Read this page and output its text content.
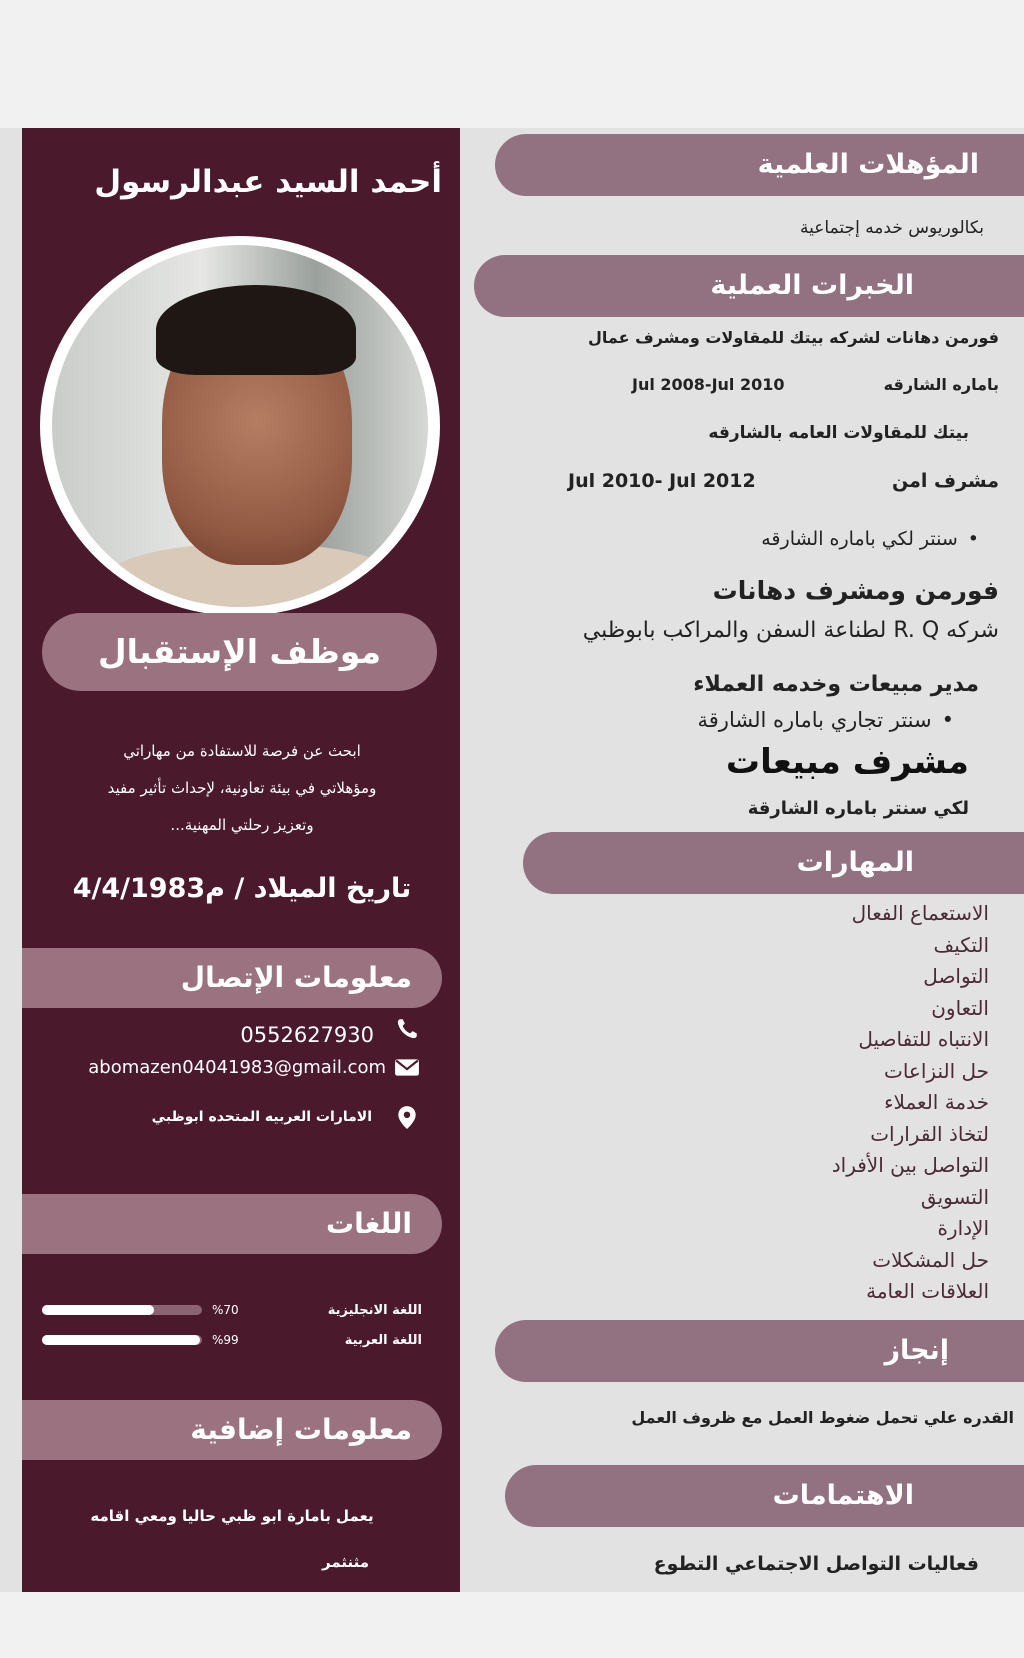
أحمد السيد عبدالرسول
موظف الإستقبال
ابحث عن فرصة للاستفادة من مهاراتي
ومؤهلاتي في بيئة تعاونية، لإحداث تأثير مفيد
وتعزيز رحلتي المهنية...
تاريخ الميلاد / م4/4/1983
معلومات الإتصال
0552627930
abomazen04041983@gmail.com
الامارات العربيه المتحده ابوظبي
اللغات
%70	اللغة الانجليزية
%99	اللغة العربية
معلومات إضافية
يعمل بامارة ابو ظبي حاليا ومعي اقامه
مثنثمر
المؤهلات العلمية
بكالوريوس خدمه إجتماعية
الخبرات العملية
فورمن دهانات لشركه بيتك للمقاولات ومشرف عمال
باماره الشارقه
Jul 2008-Jul 2010
بيتك للمقاولات العامه بالشارقه
مشرف امن
Jul 2010- Jul 2012
• سنتر لكي باماره الشارقه
فورمن ومشرف دهانات
شركه R. Q لطناعة السفن والمراكب بابوظبي
مدير مبيعات وخدمه العملاء
• سنتر تجاري باماره الشارقة
مشرف مبيعات
لكي سنتر باماره الشارقة
المهارات
الاستعماع الفعال
التكيف
التواصل
التعاون
الانتباه للتفاصيل
حل النزاعات
خدمة العملاء
لتخاذ القرارات
التواصل بين الأفراد
التسويق
الإدارة
حل المشكلات
العلاقات العامة
إنجاز
القدره علي تحمل ضغوط العمل مع ظروف العمل
الاهتمامات
فعاليات التواصل الاجتماعي التطوع
